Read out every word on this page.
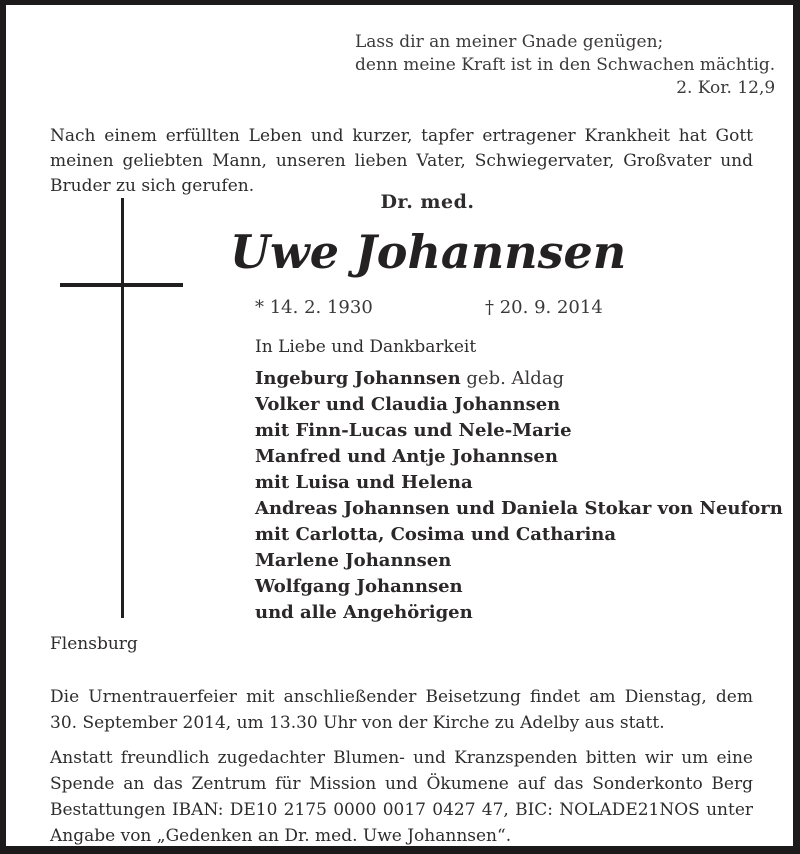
Lass dir an meiner Gnade genügen;
denn meine Kraft ist in den Schwachen mächtig.
2. Kor. 12,9

Nach einem erfüllten Leben und kurzer, tapfer ertragener Krankheit hat Gott meinen geliebten Mann, unseren lieben Vater, Schwiegervater, Großvater und Bruder zu sich gerufen.

Dr. med.
Uwe Johannsen
* 14. 2. 1930	† 20. 9. 2014
In Liebe und Dankbarkeit
Ingeburg Johannsen geb. Aldag
Volker und Claudia Johannsen
mit Finn-Lucas und Nele-Marie
Manfred und Antje Johannsen
mit Luisa und Helena
Andreas Johannsen und Daniela Stokar von Neuforn
mit Carlotta, Cosima und Catharina
Marlene Johannsen
Wolfgang Johannsen
und alle Angehörigen
Flensburg

Die Urnentrauerfeier mit anschließender Beisetzung findet am Dienstag, dem 30. September 2014, um 13.30 Uhr von der Kirche zu Adelby aus statt.

Anstatt freundlich zugedachter Blumen- und Kranzspenden bitten wir um eine Spende an das Zentrum für Mission und Ökumene auf das Sonderkonto Berg Bestattungen IBAN: DE10 2175 0000 0017 0427 47, BIC: NOLADE21NOS unter Angabe von „Gedenken an Dr. med. Uwe Johannsen“.
